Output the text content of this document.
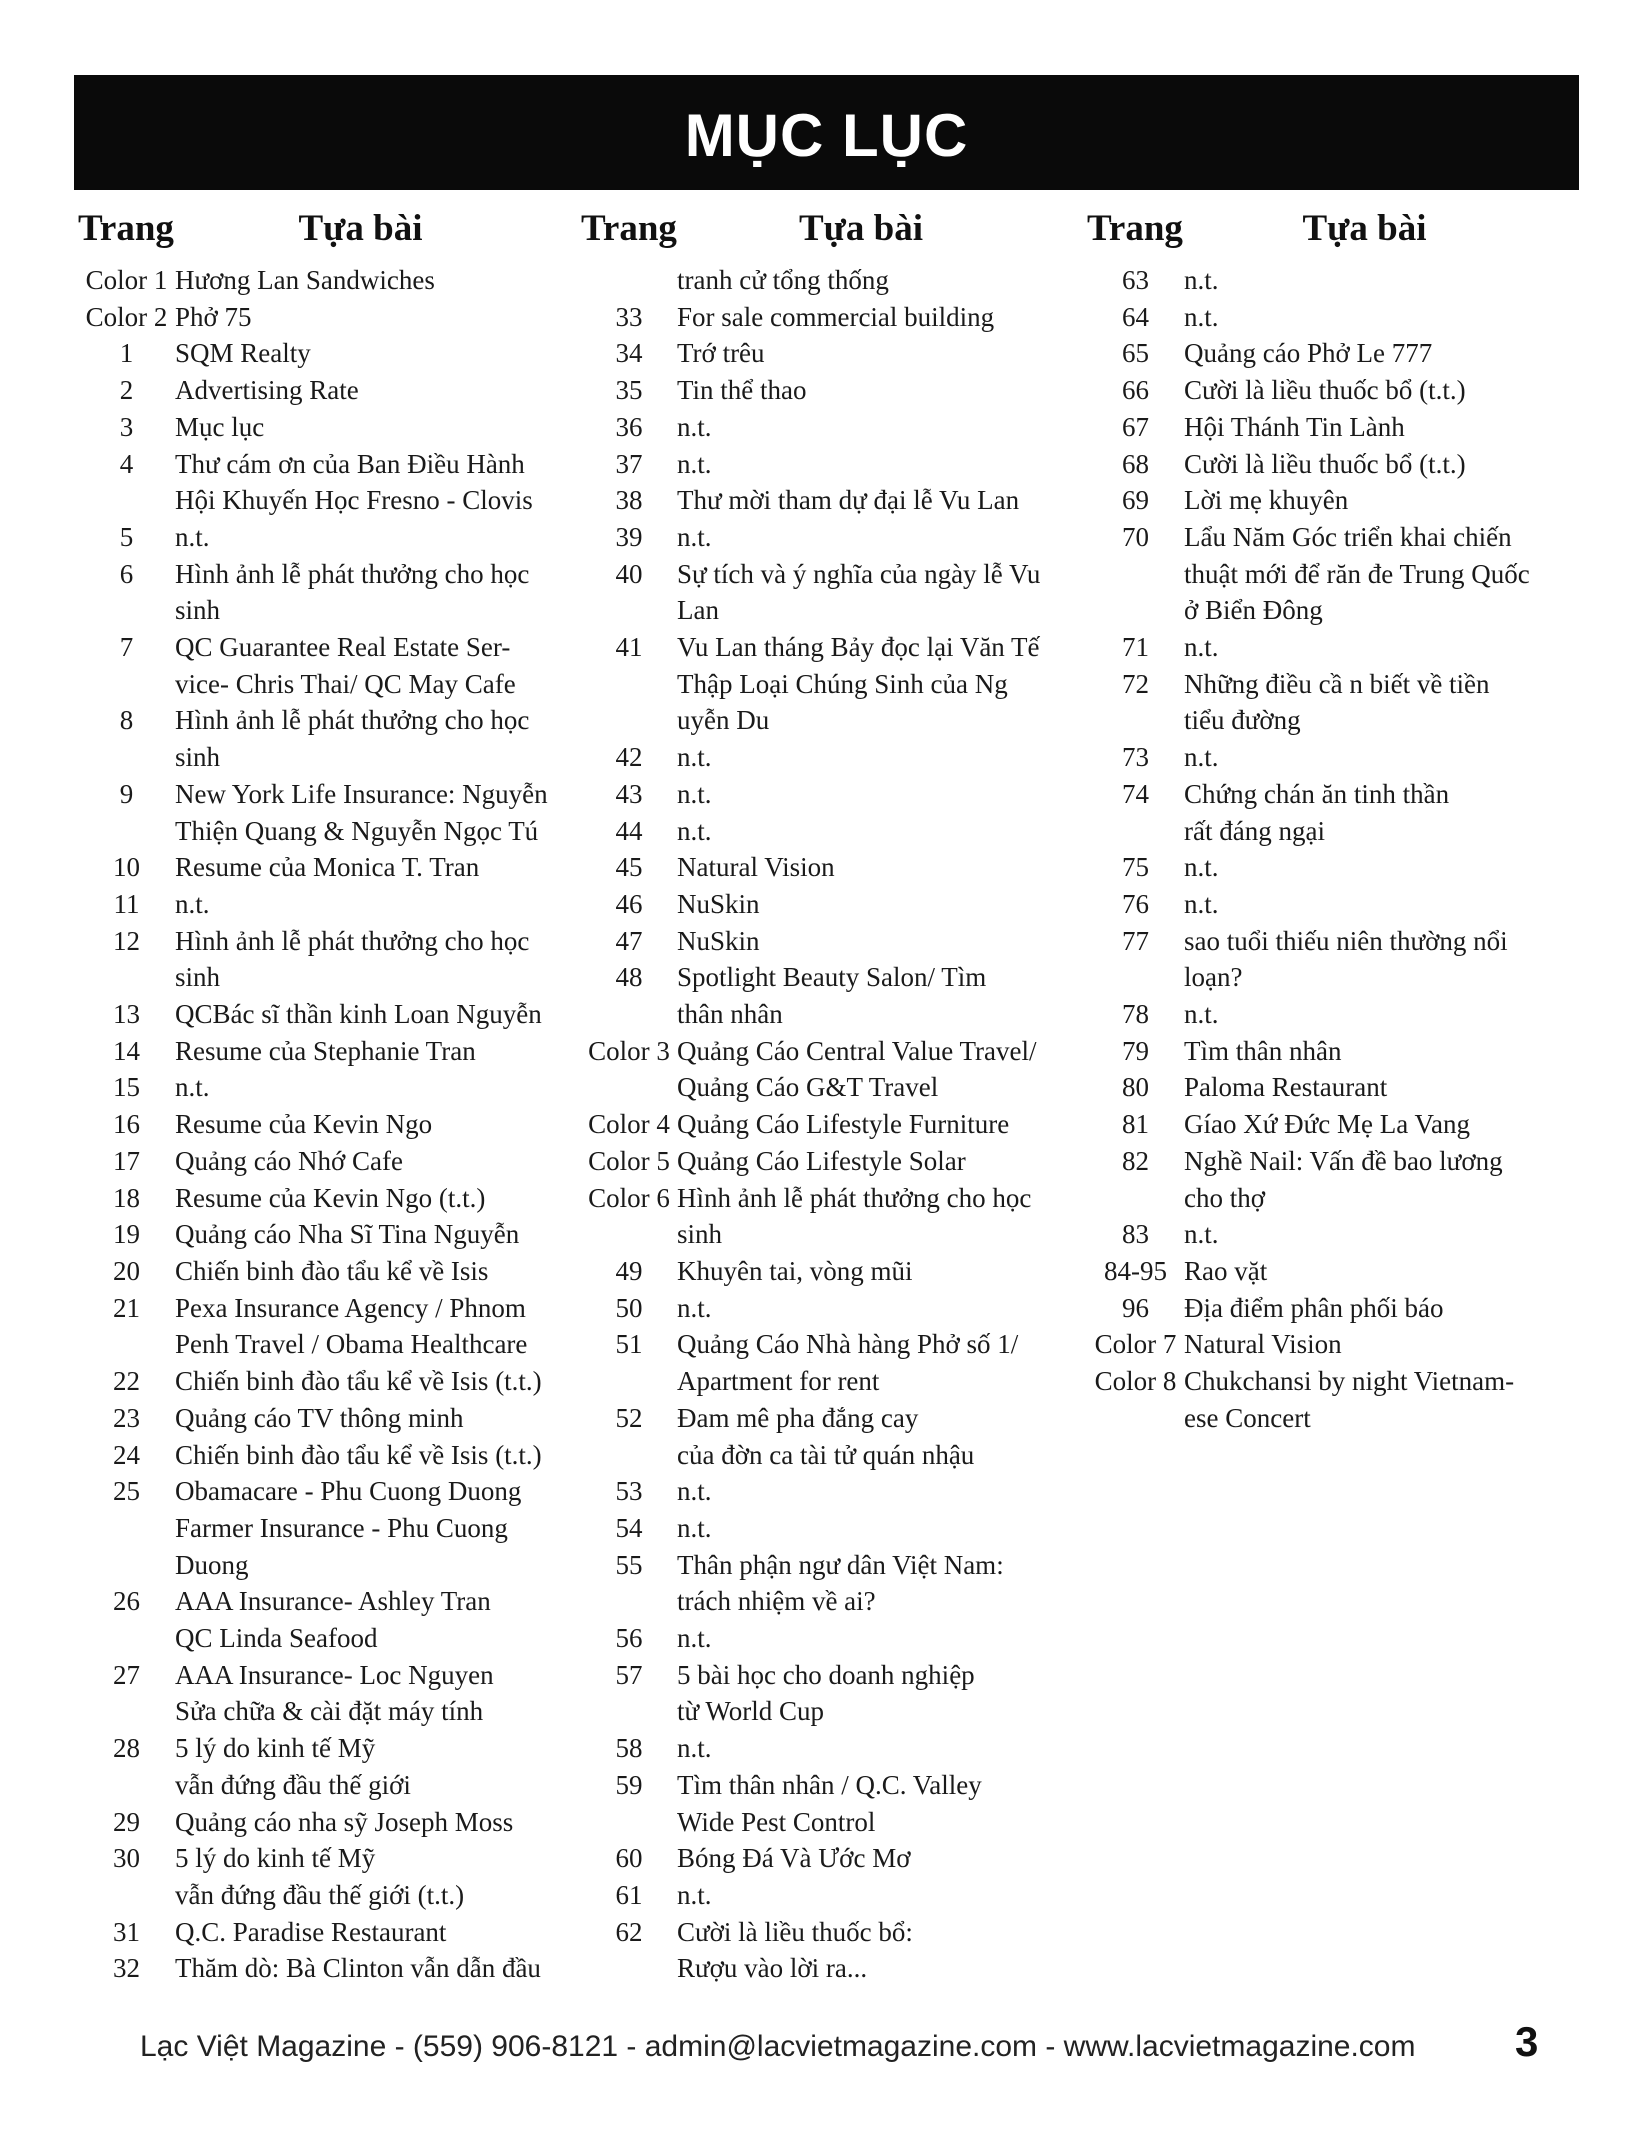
MỤC LỤC
Trang	Tựa bài
Color 1 Hương Lan Sandwiches
Color 2 Phở 75
1	SQM Realty
2	Advertising Rate
3	Mục lục
4	Thư cám ơn của Ban Điều Hành
Hội Khuyến Học Fresno - Clovis
5	n.t.
6	Hình ảnh lễ phát thưởng cho học
sinh
7	QC Guarantee Real Estate Ser-
vice- Chris Thai/ QC May Cafe
8	Hình ảnh lễ phát thưởng cho học
sinh
9	New York Life Insurance: Nguyễn
Thiện Quang & Nguyễn Ngọc Tú
10	Resume của Monica T. Tran
11	n.t.
12	Hình ảnh lễ phát thưởng cho học
sinh
13	QCBác sĩ thần kinh Loan Nguyễn
14	Resume của Stephanie Tran
15	n.t.
16	Resume của Kevin Ngo
17	Quảng cáo Nhớ Cafe
18	Resume của Kevin Ngo (t.t.)
19	Quảng cáo Nha Sĩ Tina Nguyễn
20	Chiến binh đào tẩu kể về Isis
21	Pexa Insurance Agency / Phnom
Penh Travel / Obama Healthcare
22	Chiến binh đào tẩu kể về Isis (t.t.)
23	Quảng cáo TV thông minh
24	Chiến binh đào tẩu kể về Isis (t.t.)
25	Obamacare - Phu Cuong Duong
Farmer Insurance - Phu Cuong
Duong
26	AAA Insurance- Ashley Tran
QC Linda Seafood
27	AAA Insurance- Loc Nguyen
Sửa chữa & cài đặt máy tính
28	5 lý do kinh tế Mỹ
vẫn đứng đầu thế giới
29	Quảng cáo nha sỹ Joseph Moss
30	5 lý do kinh tế Mỹ
vẫn đứng đầu thế giới (t.t.)
31	Q.C. Paradise Restaurant
32	Thăm dò: Bà Clinton vẫn dẫn đầu
Trang	Tựa bài
tranh cử tổng thống
33	For sale commercial building
34	Trớ trêu
35	Tin thể thao
36	n.t.
37	n.t.
38	Thư mời tham dự đại lễ Vu Lan
39	n.t.
40	Sự tích và ý nghĩa của ngày lễ Vu
Lan
41	Vu Lan tháng Bảy đọc lại Văn Tế
Thập Loại Chúng Sinh của Ng
uyễn Du
42	n.t.
43	n.t.
44	n.t.
45	Natural Vision
46	NuSkin
47	NuSkin
48	Spotlight Beauty Salon/ Tìm
thân nhân
Color 3 Quảng Cáo Central Value Travel/
Quảng Cáo G&T Travel
Color 4 Quảng Cáo Lifestyle Furniture
Color 5 Quảng Cáo Lifestyle Solar
Color 6 Hình ảnh lễ phát thưởng cho học
sinh
49	Khuyên tai, vòng mũi
50	n.t.
51	Quảng Cáo Nhà hàng Phở số 1/
Apartment for rent
52	Đam mê pha đắng cay
của đờn ca tài tử quán nhậu
53	n.t.
54	n.t.
55	Thân phận ngư dân Việt Nam:
trách nhiệm về ai?
56	n.t.
57	5 bài học cho doanh nghiệp
từ World Cup
58	n.t.
59	Tìm thân nhân / Q.C. Valley
Wide Pest Control
60	Bóng Đá Và Ước Mơ
61	n.t.
62	Cười là liều thuốc bổ:
Rượu vào lời ra...
Trang	Tựa bài
63	n.t.
64	n.t.
65	Quảng cáo Phở Le 777
66	Cười là liều thuốc bổ (t.t.)
67	Hội Thánh Tin Lành
68	Cười là liều thuốc bổ (t.t.)
69	Lời mẹ khuyên
70	Lẩu Năm Góc triển khai chiến
thuật mới để răn đe Trung Quốc
ở Biển Đông
71	n.t.
72	Những điều cầ n biết về tiền
tiểu đường
73	n.t.
74	Chứng chán ăn tinh thần
rất đáng ngại
75	n.t.
76	n.t.
77	sao tuổi thiếu niên thường nổi
loạn?
78	n.t.
79	Tìm thân nhân
80	Paloma Restaurant
81	Gíao Xứ Đức Mẹ La Vang
82	Nghề Nail: Vấn đề bao lương
cho thợ
83	n.t.
84-95 Rao vặt
96	Địa điểm phân phối báo
Color 7 Natural Vision
Color 8 Chukchansi by night Vietnam-
ese Concert
Lạc Việt Magazine - (559) 906-8121 - admin@lacvietmagazine.com - www.lacvietmagazine.com	3
